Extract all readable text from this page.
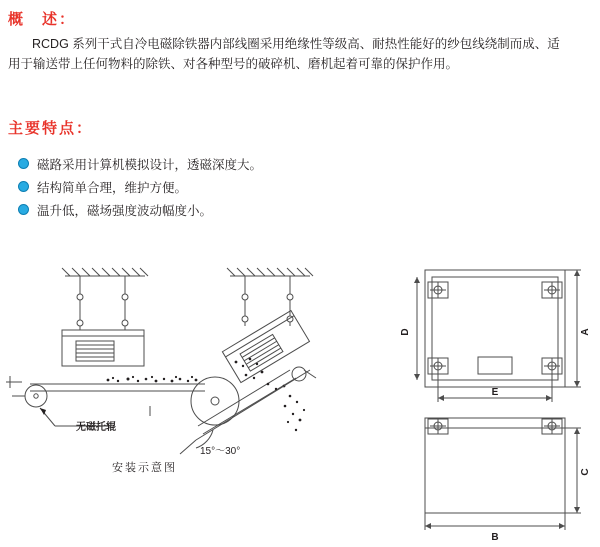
概　述：

RCDG 系列干式自冷电磁除铁器内部线圈采用绝缘性等级高、耐热性能好的纱包线绕制而成、适用于输送带上任何物料的除铁、对各种型号的破碎机、磨机起着可靠的保护作用。

主要特点：
磁路采用计算机模拟设计，透磁深度大。
结构简单合理，维护方便。
温升低，磁场强度波动幅度小。
无磁托辊
15°～30°
安装示意图
D	A
E
C
B
